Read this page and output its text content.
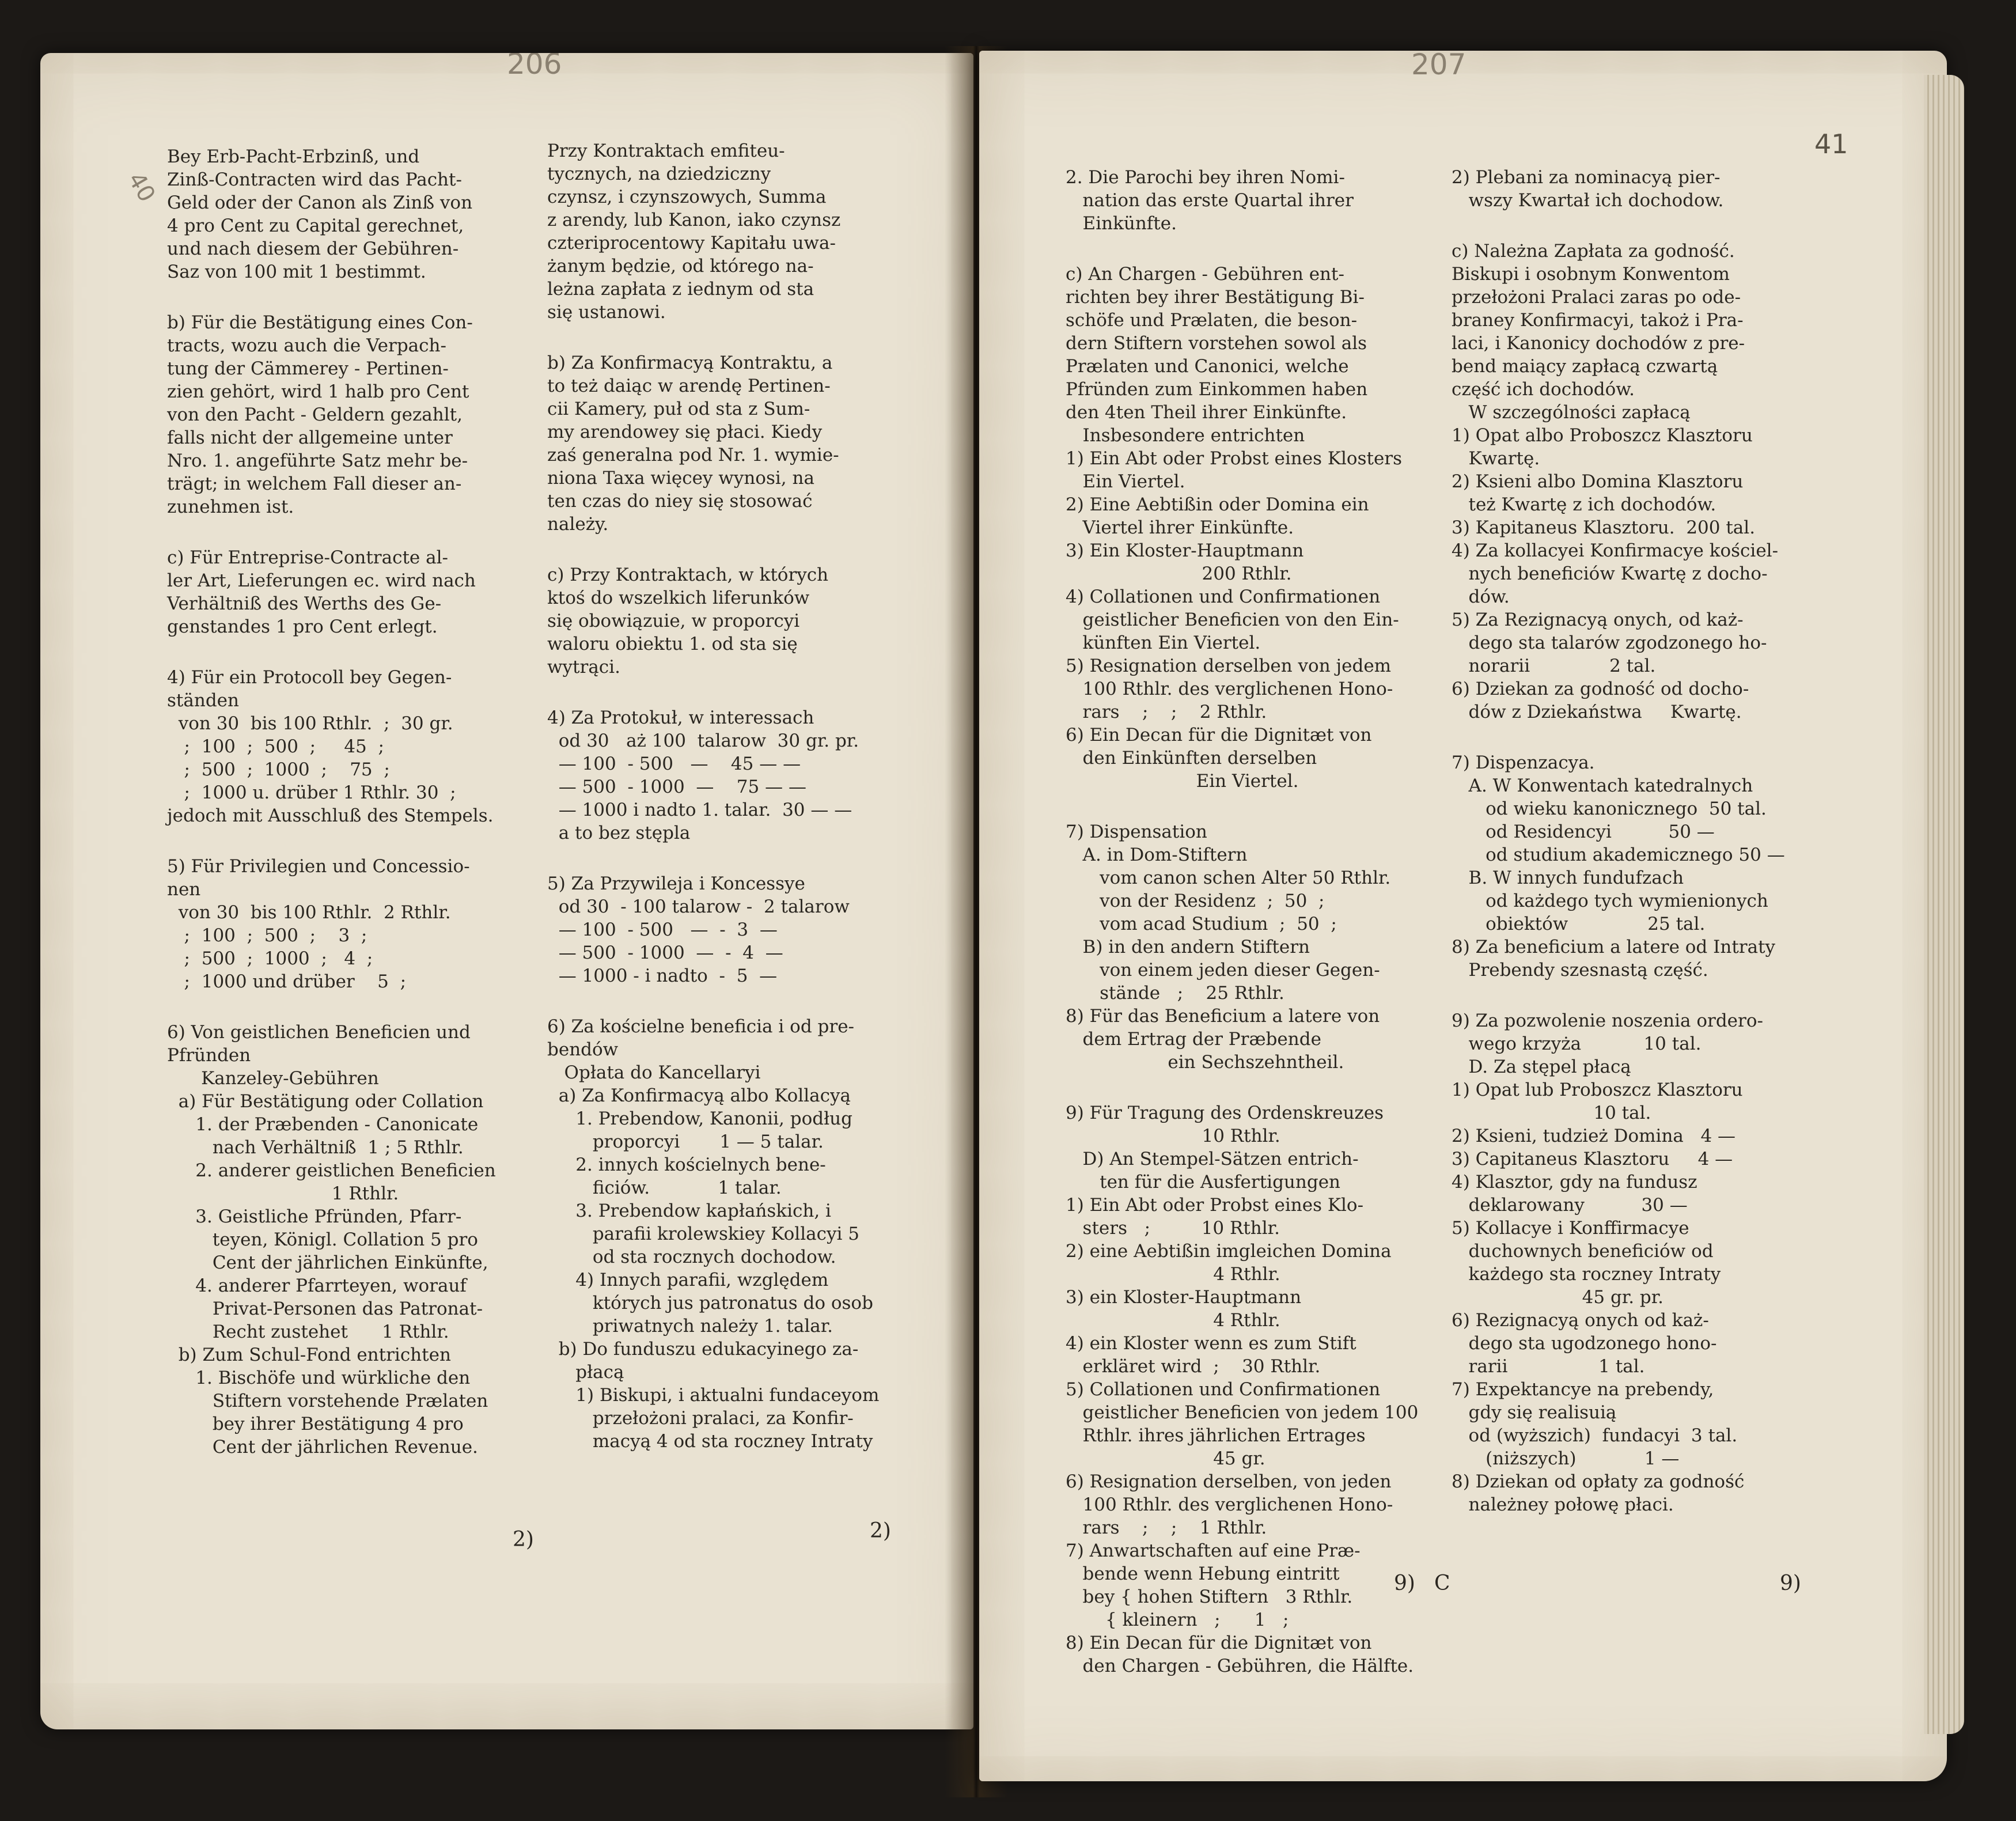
206
40
Bey Erb-Pacht-Erbzinß, und
Zinß-Contracten wird das Pacht-
Geld oder der Canon als Zinß von
4 pro Cent zu Capital gerechnet,
und nach diesem der Gebühren-
Saz von 100 mit 1 bestimmt.
b) Für die Bestätigung eines Con-
tracts, wozu auch die Verpach-
tung der Cämmerey - Pertinen-
zien gehört, wird 1 halb pro Cent
von den Pacht - Geldern gezahlt,
falls nicht der allgemeine unter
Nro. 1. angeführte Satz mehr be-
trägt; in welchem Fall dieser an-
zunehmen ist.
c) Für Entreprise-Contracte al-
ler Art, Lieferungen ec. wird nach
Verhältniß des Werths des Ge-
genstandes 1 pro Cent erlegt.
4) Für ein Protocoll bey Gegen-
ständen
von 30  bis 100 Rthlr.  ;  30 gr.
;  100  ;  500  ;     45  ;
;  500  ;  1000  ;    75  ;
;  1000 u. drüber 1 Rthlr. 30  ;
jedoch mit Ausschluß des Stempels.
5) Für Privilegien und Concessio-
nen
von 30  bis 100 Rthlr.  2 Rthlr.
;  100  ;  500  ;    3  ;
;  500  ;  1000  ;   4  ;
;  1000 und drüber    5  ;
6) Von geistlichen Beneficien und
Pfründen
Kanzeley-Gebühren
a) Für Bestätigung oder Collation
1. der Præbenden - Canonicate
nach Verhältniß  1 ; 5 Rthlr.
2. anderer geistlichen Beneficien
1 Rthlr.
3. Geistliche Pfründen, Pfarr-
teyen, Königl. Collation 5 pro
Cent der jährlichen Einkünfte,
4. anderer Pfarrteyen, worauf
Privat-Personen das Patronat-
Recht zustehet      1 Rthlr.
b) Zum Schul-Fond entrichten
1. Bischöfe und würkliche den
Stiftern vorstehende Prælaten
bey ihrer Bestätigung 4 pro
Cent der jährlichen Revenue.
Przy Kontraktach emfiteu-
tycznych, na dziedziczny
czynsz, i czynszowych, Summa
z arendy, lub Kanon, iako czynsz
czteriprocentowy Kapitału uwa-
żanym będzie, od którego na-
leżna zapłata z iednym od sta
się ustanowi.
b) Za Konfirmacyą Kontraktu, a
to też daiąc w arendę Pertinen-
cii Kamery, puł od sta z Sum-
my arendowey się płaci. Kiedy
zaś generalna pod Nr. 1. wymie-
niona Taxa więcey wynosi, na
ten czas do niey się stosować
należy.
c) Przy Kontraktach, w których
ktoś do wszelkich liferunków
się obowiązuie, w proporcyi
waloru obiektu 1. od sta się
wytrąci.
4) Za Protokuł, w interessach
od 30   aż 100  talarow  30 gr. pr.
— 100  - 500   —    45 — —
— 500  - 1000  —    75 — —
— 1000 i nadto 1. talar.  30 — —
a to bez stępla
5) Za Przywileja i Koncessye
od 30  - 100 talarow -  2 talarow
— 100  - 500   —  -  3  —
— 500  - 1000  —  -  4  —
— 1000 - i nadto  -  5  —
6) Za kościelne beneficia i od pre-
bendów
Opłata do Kancellaryi
a) Za Konfirmacyą albo Kollacyą
1. Prebendow, Kanonii, podług
proporcyi       1 — 5 talar.
2. innych kościelnych bene-
ficiów.            1 talar.
3. Prebendow kapłańskich, i
parafii krolewskiey Kollacyi 5
od sta rocznych dochodow.
4) Innych parafii, względem
których jus patronatus do osob
priwatnych należy 1. talar.
b) Do funduszu edukacyinego za-
płacą
1) Biskupi, i aktualni fundaceyom
przełożoni pralaci, za Konfir-
macyą 4 od sta roczney Intraty
2)	2)
207
41
2. Die Parochi bey ihren Nomi-
nation das erste Quartal ihrer
Einkünfte.
c) An Chargen - Gebühren ent-
richten bey ihrer Bestätigung Bi-
schöfe und Prælaten, die beson-
dern Stiftern vorstehen sowol als
Prælaten und Canonici, welche
Pfründen zum Einkommen haben
den 4ten Theil ihrer Einkünfte.
Insbesondere entrichten
1) Ein Abt oder Probst eines Klosters
Ein Viertel.
2) Eine Aebtißin oder Domina ein
Viertel ihrer Einkünfte.
3) Ein Kloster-Hauptmann
200 Rthlr.
4) Collationen und Confirmationen
geistlicher Beneficien von den Ein-
künften Ein Viertel.
5) Resignation derselben von jedem
100 Rthlr. des verglichenen Hono-
rars    ;    ;    2 Rthlr.
6) Ein Decan für die Dignitæt von
den Einkünften derselben
Ein Viertel.
7) Dispensation
A. in Dom-Stiftern
vom canon schen Alter 50 Rthlr.
von der Residenz  ;  50  ;
vom acad Studium  ;  50  ;
B) in den andern Stiftern
von einem jeden dieser Gegen-
stände   ;    25 Rthlr.
8) Für das Beneficium a latere von
dem Ertrag der Præbende
ein Sechszehntheil.
9) Für Tragung des Ordenskreuzes
10 Rthlr.
D) An Stempel-Sätzen entrich-
ten für die Ausfertigungen
1) Ein Abt oder Probst eines Klo-
sters   ;         10 Rthlr.
2) eine Aebtißin imgleichen Domina
4 Rthlr.
3) ein Kloster-Hauptmann
4 Rthlr.
4) ein Kloster wenn es zum Stift
erkläret wird  ;    30 Rthlr.
5) Collationen und Confirmationen
geistlicher Beneficien von jedem 100
Rthlr. ihres jährlichen Ertrages
45 gr.
6) Resignation derselben, von jeden
100 Rthlr. des verglichenen Hono-
rars    ;    ;    1 Rthlr.
7) Anwartschaften auf eine Præ-
bende wenn Hebung eintritt
bey { hohen Stiftern   3 Rthlr.
{ kleinern   ;      1   ;
8) Ein Decan für die Dignitæt von
den Chargen - Gebühren, die Hälfte.
2) Plebani za nominacyą pier-
wszy Kwartał ich dochodow.
c) Należna Zapłata za godność.
Biskupi i osobnym Konwentom
przełożoni Pralaci zaras po ode-
braney Konfirmacyi, takoż i Pra-
laci, i Kanonicy dochodów z pre-
bend maiący zapłacą czwartą
część ich dochodów.
W szczególności zapłacą
1) Opat albo Proboszcz Klasztoru
Kwartę.
2) Ksieni albo Domina Klasztoru
też Kwartę z ich dochodów.
3) Kapitaneus Klasztoru.  200 tal.
4) Za kollacyei Konfirmacye kościel-
nych beneficiów Kwartę z docho-
dów.
5) Za Rezignacyą onych, od każ-
dego sta talarów zgodzonego ho-
norarii              2 tal.
6) Dziekan za godność od docho-
dów z Dziekaństwa     Kwartę.
7) Dispenzacya.
A. W Konwentach katedralnych
od wieku kanonicznego  50 tal.
od Residencyi          50 —
od studium akademicznego 50 —
B. W innych fundufzach
od każdego tych wymienionych
obiektów              25 tal.
8) Za beneficium a latere od Intraty
Prebendy szesnastą część.
9) Za pozwolenie noszenia ordero-
wego krzyża           10 tal.
D. Za stępel płacą
1) Opat lub Proboszcz Klasztoru
10 tal.
2) Ksieni, tudzież Domina   4 —
3) Capitaneus Klasztoru     4 —
4) Klasztor, gdy na fundusz
deklarowany          30 —
5) Kollacye i Konffirmacye
duchownych beneficiów od
każdego sta roczney Intraty
45 gr. pr.
6) Rezignacyą onych od każ-
dego sta ugodzonego hono-
rarii                1 tal.
7) Expektancye na prebendy,
gdy się realisuią
od (wyższich)  fundacyi  3 tal.
(niższych)            1 —
8) Dziekan od opłaty za godność
należney połowę płaci.
9) C	9)
